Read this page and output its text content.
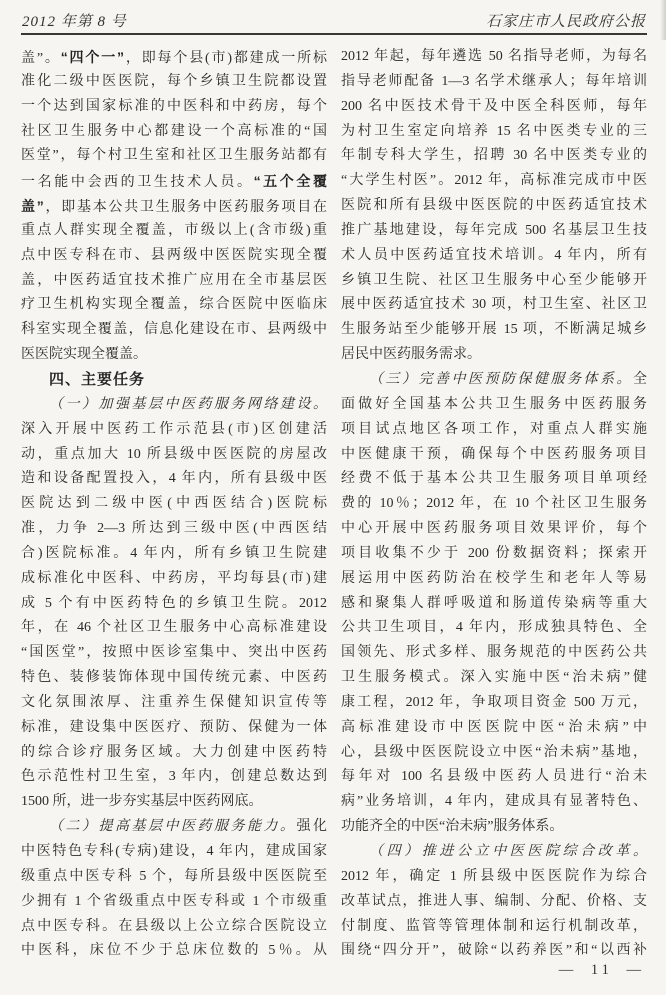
2012 年第 8 号	石家庄市人民政府公报
盖”。“四个一”，即每个县(市)都建成一所标
准化二级中医医院，每个乡镇卫生院都设置
一个达到国家标准的中医科和中药房，每个
社区卫生服务中心都建设一个高标准的“国
医堂”，每个村卫生室和社区卫生服务站都有
一名能中会西的卫生技术人员。“五个全覆
盖”，即基本公共卫生服务中医药服务项目在
重点人群实现全覆盖，市级以上(含市级)重
点中医专科在市、县两级中医医院实现全覆
盖，中医药适宜技术推广应用在全市基层医
疗卫生机构实现全覆盖，综合医院中医临床
科室实现全覆盖，信息化建设在市、县两级中
医医院实现全覆盖。
四、主要任务
（一）加强基层中医药服务网络建设。
深入开展中医药工作示范县(市)区创建活
动，重点加大 10 所县级中医医院的房屋改
造和设备配置投入，4 年内，所有县级中医
医院达到二级中医(中西医结合)医院标
准，力争 2—3 所达到三级中医(中西医结
合)医院标准。4 年内，所有乡镇卫生院建
成标准化中医科、中药房，平均每县(市)建
成 5 个有中医药特色的乡镇卫生院。2012
年，在 46 个社区卫生服务中心高标准建设
“国医堂”，按照中医诊室集中、突出中医药
特色、装修装饰体现中国传统元素、中医药
文化氛围浓厚、注重养生保健知识宣传等
标准，建设集中医医疗、预防、保健为一体
的综合诊疗服务区域。大力创建中医药特
色示范性村卫生室，3 年内，创建总数达到
1500 所，进一步夯实基层中医药网底。
（二）提高基层中医药服务能力。强化
中医特色专科(专病)建设，4 年内，建成国家
级重点中医专科 5 个，每所县级中医医院至
少拥有 1 个省级重点中医专科或 1 个市级重
点中医专科。在县级以上公立综合医院设立
中医科，床位不少于总床位数的 5％。从
2012 年起，每年遴选 50 名指导老师，为每名
指导老师配备 1—3 名学术继承人；每年培训
200 名中医技术骨干及中医全科医师，每年
为村卫生室定向培养 15 名中医类专业的三
年制专科大学生，招聘 30 名中医类专业的
“大学生村医”。2012 年，高标准完成市中医
医院和所有县级中医医院的中医药适宜技术
推广基地建设，每年完成 500 名基层卫生技
术人员中医药适宜技术培训。4 年内，所有
乡镇卫生院、社区卫生服务中心至少能够开
展中医药适宜技术 30 项，村卫生室、社区卫
生服务站至少能够开展 15 项，不断满足城乡
居民中医药服务需求。
（三）完善中医预防保健服务体系。全
面做好全国基本公共卫生服务中医药服务
项目试点地区各项工作，对重点人群实施
中医健康干预，确保每个中医药服务项目
经费不低于基本公共卫生服务项目单项经
费的 10％；2012 年，在 10 个社区卫生服务
中心开展中医药服务项目效果评价，每个
项目收集不少于 200 份数据资料；探索开
展运用中医药防治在校学生和老年人等易
感和聚集人群呼吸道和肠道传染病等重大
公共卫生项目，4 年内，形成独具特色、全
国领先、形式多样、服务规范的中医药公共
卫生服务模式。深入实施中医“治未病”健
康工程，2012 年，争取项目资金 500 万元，
高标准建设市中医医院中医“治未病”中
心，县级中医医院设立中医“治未病”基地，
每年对 100 名县级中医药人员进行“治未
病”业务培训，4 年内，建成具有显著特色、
功能齐全的中医“治未病”服务体系。
（四）推进公立中医医院综合改革。
2012 年，确定 1 所县级中医医院作为综合
改革试点，推进人事、编制、分配、价格、支
付制度、监管等管理体制和运行机制改革，
围绕“四分开”，破除“以药养医”和“以西补
— 11 —
